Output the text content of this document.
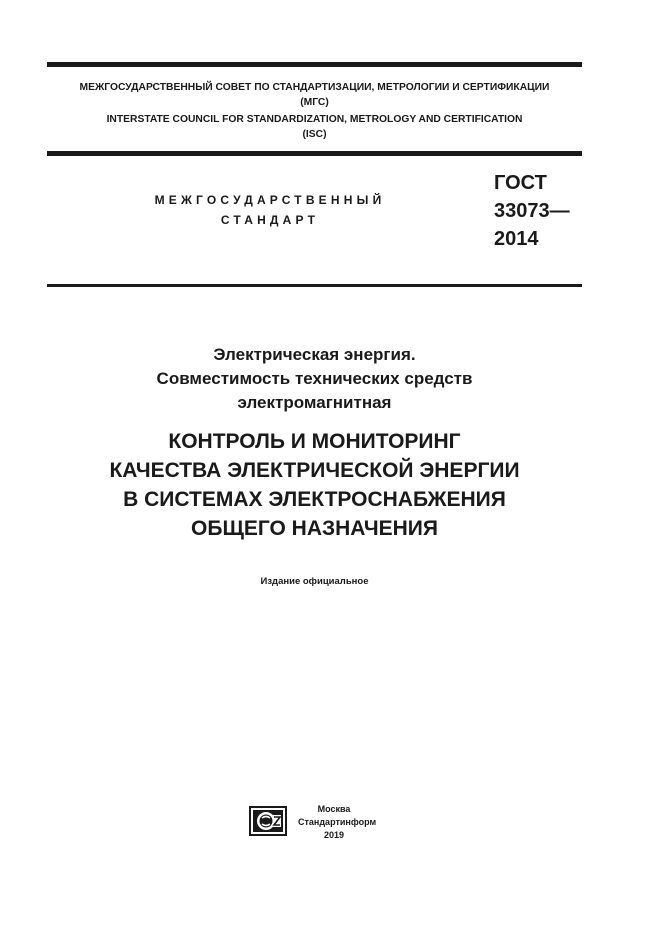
МЕЖГОСУДАРСТВЕННЫЙ СОВЕТ ПО СТАНДАРТИЗАЦИИ, МЕТРОЛОГИИ И СЕРТИФИКАЦИИ
(МГС)
INTERSTATE COUNCIL FOR STANDARDIZATION, METROLOGY AND CERTIFICATION
(ISC)
МЕЖГОСУДАРСТВЕННЫЙ
СТАНДАРТ
ГОСТ
33073—
2014
Электрическая энергия.
Совместимость технических средств
электромагнитная
КОНТРОЛЬ И МОНИТОРИНГ
КАЧЕСТВА ЭЛЕКТРИЧЕСКОЙ ЭНЕРГИИ
В СИСТЕМАХ ЭЛЕКТРОСНАБЖЕНИЯ
ОБЩЕГО НАЗНАЧЕНИЯ
Издание официальное
Москва
Стандартинформ
2019
